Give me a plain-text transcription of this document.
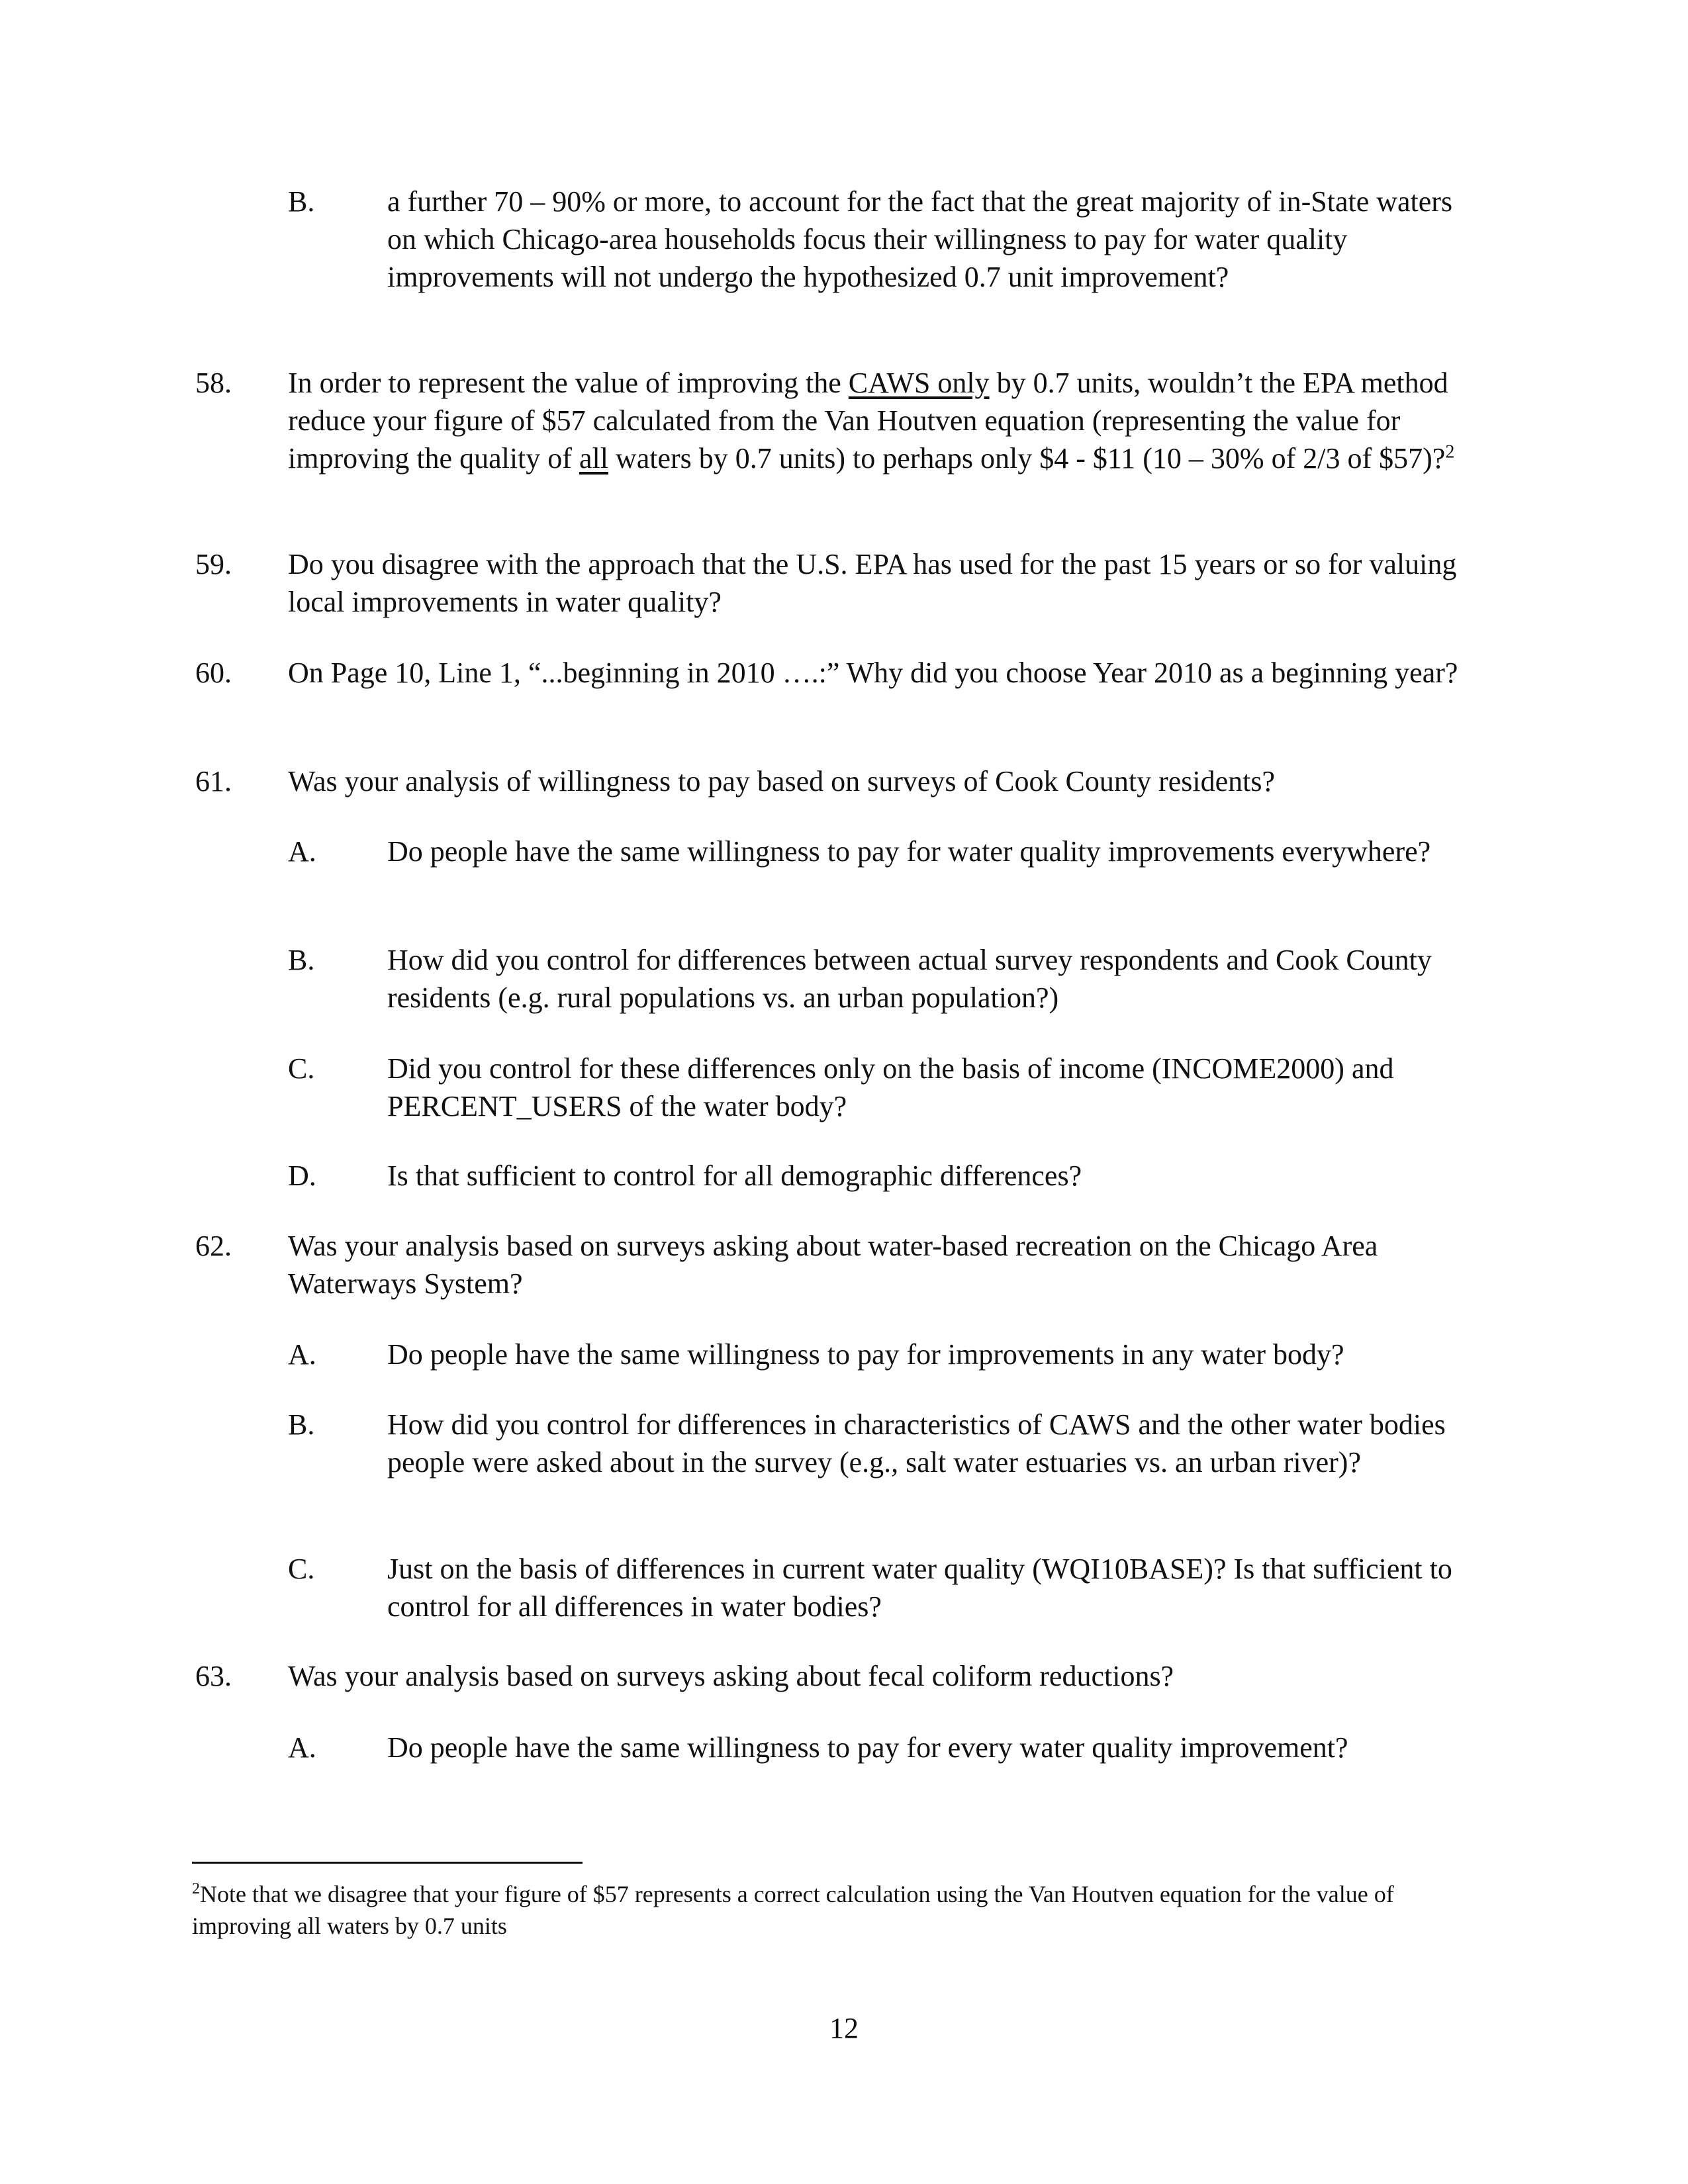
B. a further 70 – 90% or more, to account for the fact that the great majority of in-State waters on which Chicago-area households focus their willingness to pay for water quality improvements will not undergo the hypothesized 0.7 unit improvement?
58. In order to represent the value of improving the CAWS only by 0.7 units, wouldn’t the EPA method reduce your figure of $57 calculated from the Van Houtven equation (representing the value for improving the quality of all waters by 0.7 units) to perhaps only $4 - $11 (10 – 30% of 2/3 of $57)?$^2$
59. Do you disagree with the approach that the U.S. EPA has used for the past 15 years or so for valuing local improvements in water quality?
60. On Page 10, Line 1, “...beginning in 2010 ….:” Why did you choose Year 2010 as a beginning year?
61. Was your analysis of willingness to pay based on surveys of Cook County residents?
A. Do people have the same willingness to pay for water quality improvements everywhere?
B. How did you control for differences between actual survey respondents and Cook County residents (e.g. rural populations vs. an urban population?)
C. Did you control for these differences only on the basis of income (INCOME2000) and PERCENT_USERS of the water body?
D. Is that sufficient to control for all demographic differences?
62. Was your analysis based on surveys asking about water-based recreation on the Chicago Area Waterways System?
A. Do people have the same willingness to pay for improvements in any water body?
B. How did you control for differences in characteristics of CAWS and the other water bodies people were asked about in the survey (e.g., salt water estuaries vs. an urban river)?
C. Just on the basis of differences in current water quality (WQI10BASE)? Is that sufficient to control for all differences in water bodies?
63. Was your analysis based on surveys asking about fecal coliform reductions?
A. Do people have the same willingness to pay for every water quality improvement?
$^2$Note that we disagree that your figure of $57 represents a correct calculation using the Van Houtven equation for the value of improving all waters by 0.7 units
12
